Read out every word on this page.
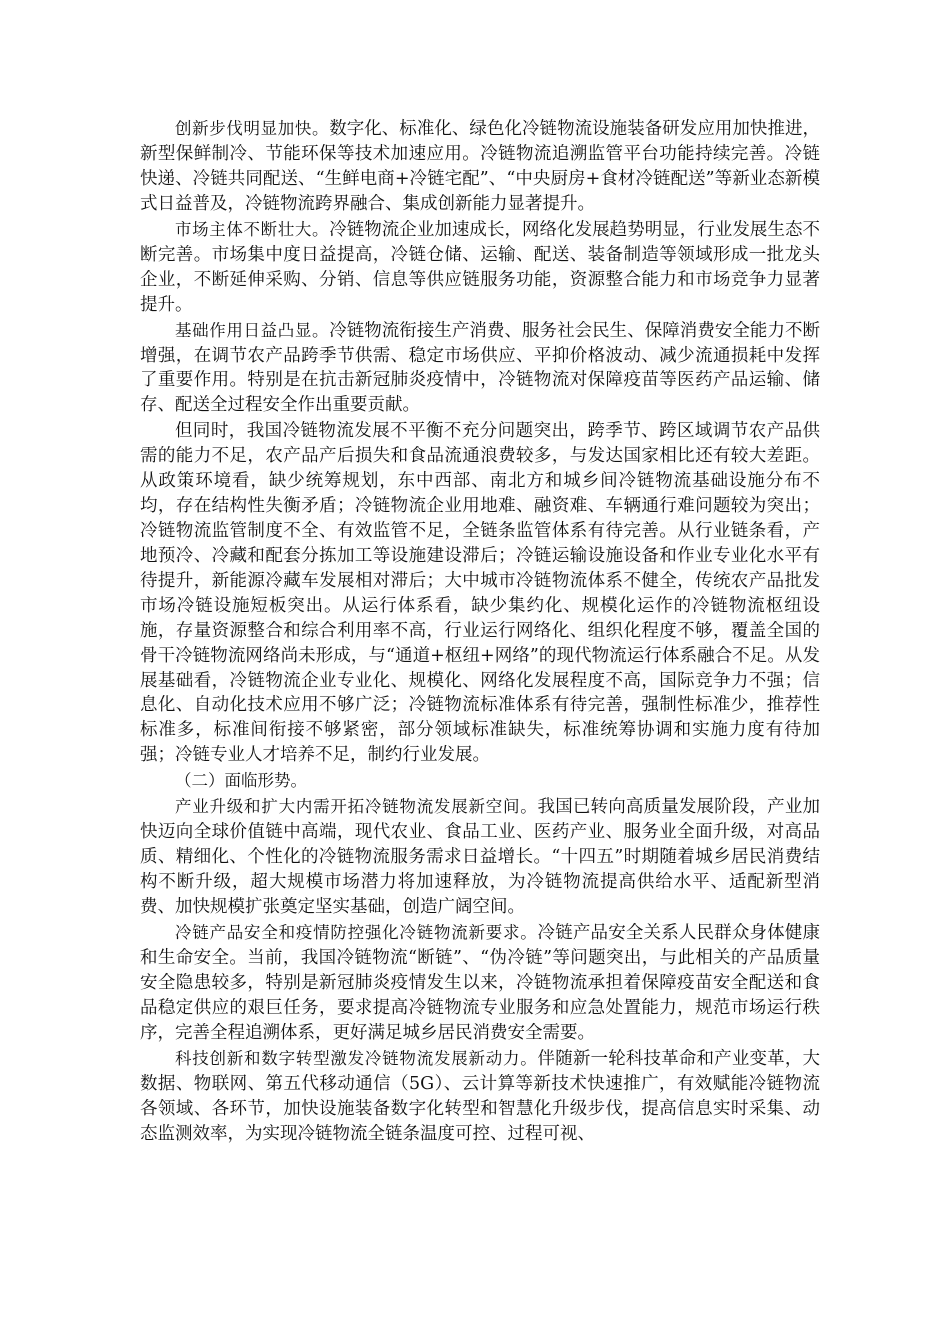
创新步伐明显加快。数字化、标准化、绿色化冷链物流设施装备研发应用加快推进，新型保鲜制冷、节能环保等技术加速应用。冷链物流追溯监管平台功能持续完善。冷链快递、冷链共同配送、“生鲜电商+冷链宅配”、“中央厨房+食材冷链配送”等新业态新模式日益普及，冷链物流跨界融合、集成创新能力显著提升。

市场主体不断壮大。冷链物流企业加速成长，网络化发展趋势明显，行业发展生态不断完善。市场集中度日益提高，冷链仓储、运输、配送、装备制造等领域形成一批龙头企业，不断延伸采购、分销、信息等供应链服务功能，资源整合能力和市场竞争力显著提升。

基础作用日益凸显。冷链物流衔接生产消费、服务社会民生、保障消费安全能力不断增强，在调节农产品跨季节供需、稳定市场供应、平抑价格波动、减少流通损耗中发挥了重要作用。特别是在抗击新冠肺炎疫情中，冷链物流对保障疫苗等医药产品运输、储存、配送全过程安全作出重要贡献。

但同时，我国冷链物流发展不平衡不充分问题突出，跨季节、跨区域调节农产品供需的能力不足，农产品产后损失和食品流通浪费较多，与发达国家相比还有较大差距。从政策环境看，缺少统筹规划，东中西部、南北方和城乡间冷链物流基础设施分布不均，存在结构性失衡矛盾；冷链物流企业用地难、融资难、车辆通行难问题较为突出；冷链物流监管制度不全、有效监管不足，全链条监管体系有待完善。从行业链条看，产地预冷、冷藏和配套分拣加工等设施建设滞后；冷链运输设施设备和作业专业化水平有待提升，新能源冷藏车发展相对滞后；大中城市冷链物流体系不健全，传统农产品批发市场冷链设施短板突出。从运行体系看，缺少集约化、规模化运作的冷链物流枢纽设施，存量资源整合和综合利用率不高，行业运行网络化、组织化程度不够，覆盖全国的骨干冷链物流网络尚未形成，与“通道+枢纽+网络”的现代物流运行体系融合不足。从发展基础看，冷链物流企业专业化、规模化、网络化发展程度不高，国际竞争力不强；信息化、自动化技术应用不够广泛；冷链物流标准体系有待完善，强制性标准少，推荐性标准多，标准间衔接不够紧密，部分领域标准缺失，标准统筹协调和实施力度有待加强；冷链专业人才培养不足，制约行业发展。

（二）面临形势。

产业升级和扩大内需开拓冷链物流发展新空间。我国已转向高质量发展阶段，产业加快迈向全球价值链中高端，现代农业、食品工业、医药产业、服务业全面升级，对高品质、精细化、个性化的冷链物流服务需求日益增长。“十四五”时期随着城乡居民消费结构不断升级，超大规模市场潜力将加速释放，为冷链物流提高供给水平、适配新型消费、加快规模扩张奠定坚实基础，创造广阔空间。

冷链产品安全和疫情防控强化冷链物流新要求。冷链产品安全关系人民群众身体健康和生命安全。当前，我国冷链物流“断链”、“伪冷链”等问题突出，与此相关的产品质量安全隐患较多，特别是新冠肺炎疫情发生以来，冷链物流承担着保障疫苗安全配送和食品稳定供应的艰巨任务，要求提高冷链物流专业服务和应急处置能力，规范市场运行秩序，完善全程追溯体系，更好满足城乡居民消费安全需要。

科技创新和数字转型激发冷链物流发展新动力。伴随新一轮科技革命和产业变革，大数据、物联网、第五代移动通信（5G）、云计算等新技术快速推广，有效赋能冷链物流各领域、各环节，加快设施装备数字化转型和智慧化升级步伐，提高信息实时采集、动态监测效率，为实现冷链物流全链条温度可控、过程可视、
